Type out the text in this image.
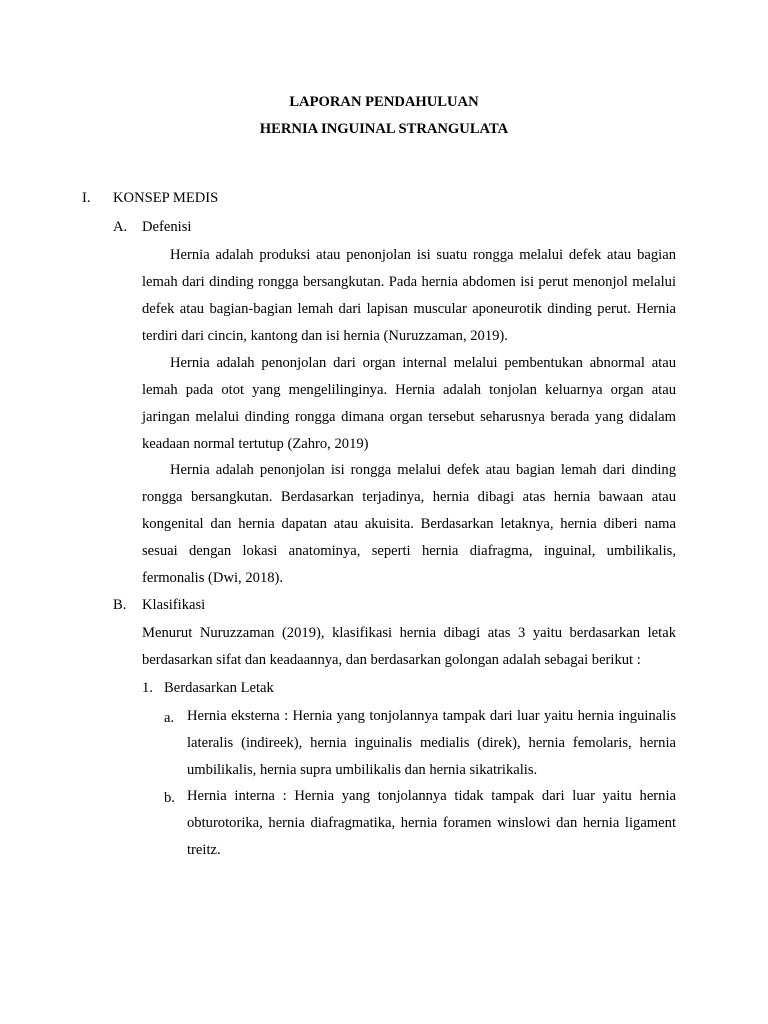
LAPORAN PENDAHULUAN
HERNIA INGUINAL STRANGULATA
I. KONSEP MEDIS
A. Defenisi

Hernia adalah produksi atau penonjolan isi suatu rongga melalui defek atau bagian lemah dari dinding rongga bersangkutan. Pada hernia abdomen isi perut menonjol melalui defek atau bagian-bagian lemah dari lapisan muscular aponeurotik dinding perut. Hernia terdiri dari cincin, kantong dan isi hernia (Nuruzzaman, 2019).

Hernia adalah penonjolan dari organ internal melalui pembentukan abnormal atau lemah pada otot yang mengelilinginya. Hernia adalah tonjolan keluarnya organ atau jaringan melalui dinding rongga dimana organ tersebut seharusnya berada yang didalam keadaan normal tertutup (Zahro, 2019)

Hernia adalah penonjolan isi rongga melalui defek atau bagian lemah dari dinding rongga bersangkutan. Berdasarkan terjadinya, hernia dibagi atas hernia bawaan atau kongenital dan hernia dapatan atau akuisita. Berdasarkan letaknya, hernia diberi nama sesuai dengan lokasi anatominya, seperti hernia diafragma, inguinal, umbilikalis, fermonalis (Dwi, 2018).

B. Klasifikasi

Menurut Nuruzzaman (2019), klasifikasi hernia dibagi atas 3 yaitu berdasarkan letak berdasarkan sifat dan keadaannya, dan berdasarkan golongan adalah sebagai berikut :

1. Berdasarkan Letak
a. Hernia eksterna : Hernia yang tonjolannya tampak dari luar yaitu hernia inguinalis lateralis (indireek), hernia inguinalis medialis (direk), hernia femolaris, hernia umbilikalis, hernia supra umbilikalis dan hernia sikatrikalis.

b. Hernia interna : Hernia yang tonjolannya tidak tampak dari luar yaitu hernia obturotorika, hernia diafragmatika, hernia foramen winslowi dan hernia ligament treitz.
